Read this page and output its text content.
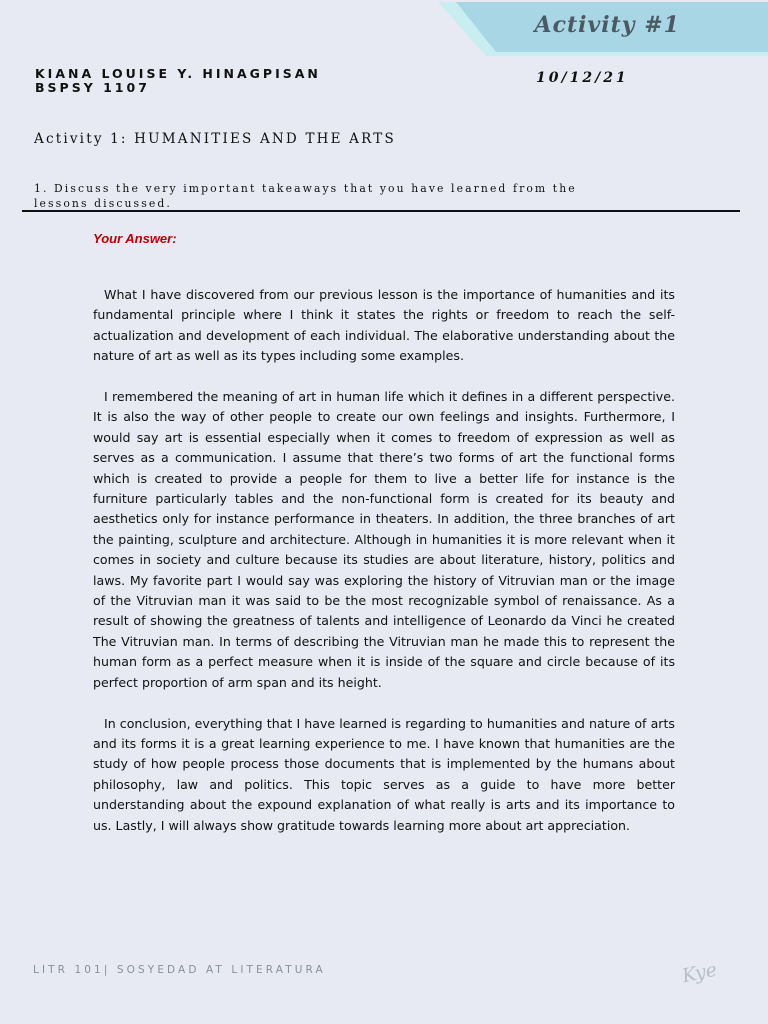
Activity #1
KIANA LOUISE Y. HINAGPISAN
BSPSY 1107
10/12/21
Activity 1: HUMANITIES AND THE ARTS
1. Discuss the very important takeaways that you have learned from the lessons discussed.
Your Answer:

What I have discovered from our previous lesson is the importance of humanities and its fundamental principle where I think it states the rights or freedom to reach the self-actualization and development of each individual. The elaborative understanding about the nature of art as well as its types including some examples.

I remembered the meaning of art in human life which it defines in a different perspective. It is also the way of other people to create our own feelings and insights. Furthermore, I would say art is essential especially when it comes to freedom of expression as well as serves as a communication. I assume that there’s two forms of art the functional forms which is created to provide a people for them to live a better life for instance is the furniture particularly tables and the non-functional form is created for its beauty and aesthetics only for instance performance in theaters. In addition, the three branches of art the painting, sculpture and architecture. Although in humanities it is more relevant when it comes in society and culture because its studies are about literature, history, politics and laws. My favorite part I would say was exploring the history of Vitruvian man or the image of the Vitruvian man it was said to be the most recognizable symbol of renaissance. As a result of showing the greatness of talents and intelligence of Leonardo da Vinci he created The Vitruvian man. In terms of describing the Vitruvian man he made this to represent the human form as a perfect measure when it is inside of the square and circle because of its perfect proportion of arm span and its height.

In conclusion, everything that I have learned is regarding to humanities and nature of arts and its forms it is a great learning experience to me. I have known that humanities are the study of how people process those documents that is implemented by the humans about philosophy, law and politics. This topic serves as a guide to have more better understanding about the expound explanation of what really is arts and its importance to us. Lastly, I will always show gratitude towards learning more about art appreciation.

LITR 101| SOSYEDAD AT LITERATURA	Kye
